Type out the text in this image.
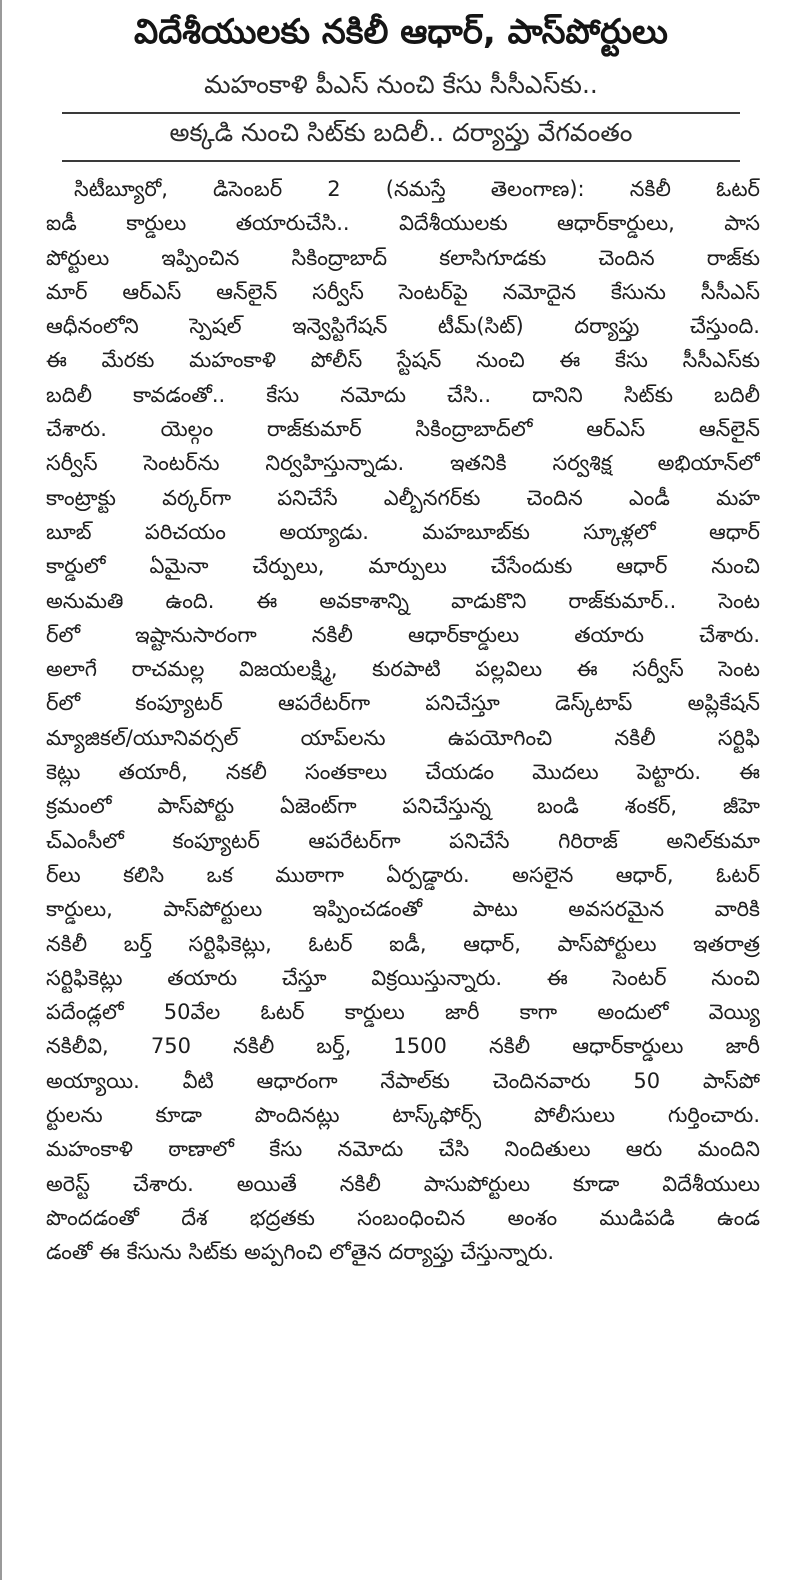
విదేశీయులకు నకిలీ ఆధార్, పాస్‌పోర్టులు
మహంకాళి పీఎస్ నుంచి కేసు సీసీఎస్‌కు..
అక్కడి నుంచి సిట్‌కు బదిలీ.. దర్యాప్తు వేగవంతం
సిటీబ్యూరో, డిసెంబర్ 2 (నమస్తే తెలంగాణ): నకిలీ ఓటర్
ఐడీ కార్డులు తయారుచేసి.. విదేశీయులకు ఆధార్‌కార్డులు, పాస
పోర్టులు ఇప్పించిన సికింద్రాబాద్ కలాసిగూడకు చెందిన రాజ్‌కు
మార్ ఆర్ఎస్ ఆన్‌లైన్ సర్వీస్ సెంటర్‌పై నమోదైన కేసును సీసీఎస్
ఆధీనంలోని స్పెషల్ ఇన్వెస్టిగేషన్ టీమ్(సిట్) దర్యాప్తు చేస్తుంది.
ఈ మేరకు మహంకాళి పోలీస్ స్టేషన్ నుంచి ఈ కేసు సీసీఎస్‌కు
బదిలీ కావడంతో.. కేసు నమోదు చేసి.. దానిని సిట్‌కు బదిలీ
చేశారు. యెల్గం రాజ్‌కుమార్ సికింద్రాబాద్‌లో ఆర్ఎస్ ఆన్‌లైన్
సర్వీస్ సెంటర్‌ను నిర్వహిస్తున్నాడు. ఇతనికి సర్వశిక్ష అభియాన్‌లో
కాంట్రాక్టు వర్కర్‌గా పనిచేసే ఎల్బీనగర్‌కు చెందిన ఎండీ మహ
బూబ్ పరిచయం అయ్యాడు. మహబూబ్‌కు స్కూళ్లలో ఆధార్
కార్డులో ఏమైనా చేర్పులు, మార్పులు చేసేందుకు ఆధార్ నుంచి
అనుమతి ఉంది. ఈ అవకాశాన్ని వాడుకొని రాజ్‌కుమార్.. సెంట
ర్‌లో ఇష్టానుసారంగా నకిలీ ఆధార్‌కార్డులు తయారు చేశారు.
అలాగే రాచమల్ల విజయలక్ష్మి, కురపాటి పల్లవిలు ఈ సర్వీస్ సెంట
ర్‌లో కంప్యూటర్ ఆపరేటర్‌గా పనిచేస్తూ డెస్క్‌టాప్ అప్లికేషన్
మ్యాజికల్/యూనివర్సల్ యాప్‌లను ఉపయోగించి నకిలీ సర్టిఫి
కెట్లు తయారీ, నకలీ సంతకాలు చేయడం మొదలు పెట్టారు. ఈ
క్రమంలో పాస్‌పోర్టు ఏజెంట్‌గా పనిచేస్తున్న బండి శంకర్, జీహె
చ్ఎంసీలో కంప్యూటర్ ఆపరేటర్‌గా పనిచేసే గిరిరాజ్ అనిల్‌కుమా
ర్‌లు కలిసి ఒక ముఠాగా ఏర్పడ్డారు. అసలైన ఆధార్, ఓటర్
కార్డులు, పాస్‌పోర్టులు ఇప్పించడంతో పాటు అవసరమైన వారికి
నకిలీ బర్త్ సర్టిఫికెట్లు, ఓటర్ ఐడీ, ఆధార్, పాస్‌పోర్టులు ఇతరాత్ర
సర్టిఫికెట్లు తయారు చేస్తూ విక్రయిస్తున్నారు. ఈ సెంటర్ నుంచి
పదేండ్లలో 50వేల ఓటర్ కార్డులు జారీ కాగా అందులో వెయ్యి
నకిలీవి, 750 నకిలీ బర్త్, 1500 నకిలీ ఆధార్‌కార్డులు జారీ
అయ్యాయి. వీటి ఆధారంగా నేపాల్‌కు చెందినవారు 50 పాస్‌పో
ర్టులను కూడా పొందినట్లు టాస్క్‌ఫోర్స్ పోలీసులు గుర్తించారు.
మహంకాళి ఠాణాలో కేసు నమోదు చేసి నిందితులు ఆరు మందిని
అరెస్ట్ చేశారు. అయితే నకిలీ పాసుపోర్టులు కూడా విదేశీయులు
పొందడంతో దేశ భద్రతకు సంబంధించిన అంశం ముడిపడి ఉండ
డంతో ఈ కేసును సిట్‌కు అప్పగించి లోతైన దర్యాప్తు చేస్తున్నారు.
